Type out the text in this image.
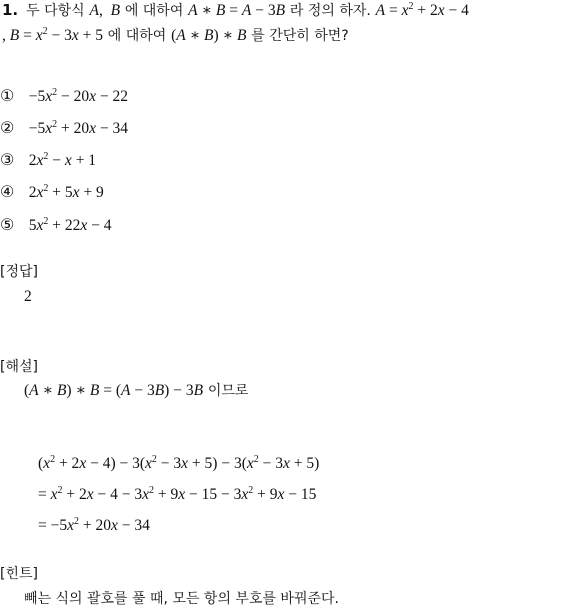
1. 두 다항식 A,  B 에 대하여 A ∗ B = A − 3B 라 정의 하자. $A = x^2 + 2x - 4$
, $B = x^2 - 3x + 5$ 에 대하여 (A ∗ B) ∗ B 를 간단히 하면?
① $-5x^2 - 20x - 22$
② $-5x^2 + 20x - 34$
③ $2x^2 - x + 1$
④ $2x^2 + 5x + 9$
⑤ $5x^2 + 22x - 4$
[정답]
2
[해설]
(A ∗ B) ∗ B = (A − 3B) − 3B 이므로
$(x^2 + 2x - 4) - 3(x^2 - 3x + 5) - 3(x^2 - 3x + 5)$
= $x^2 + 2x - 4 - 3x^2 + 9x - 15 - 3x^2 + 9x - 15$
= $-5x^2 + 20x - 34$
[힌트]
빼는 식의 괄호를 풀 때, 모든 항의 부호를 바꿔준다.
